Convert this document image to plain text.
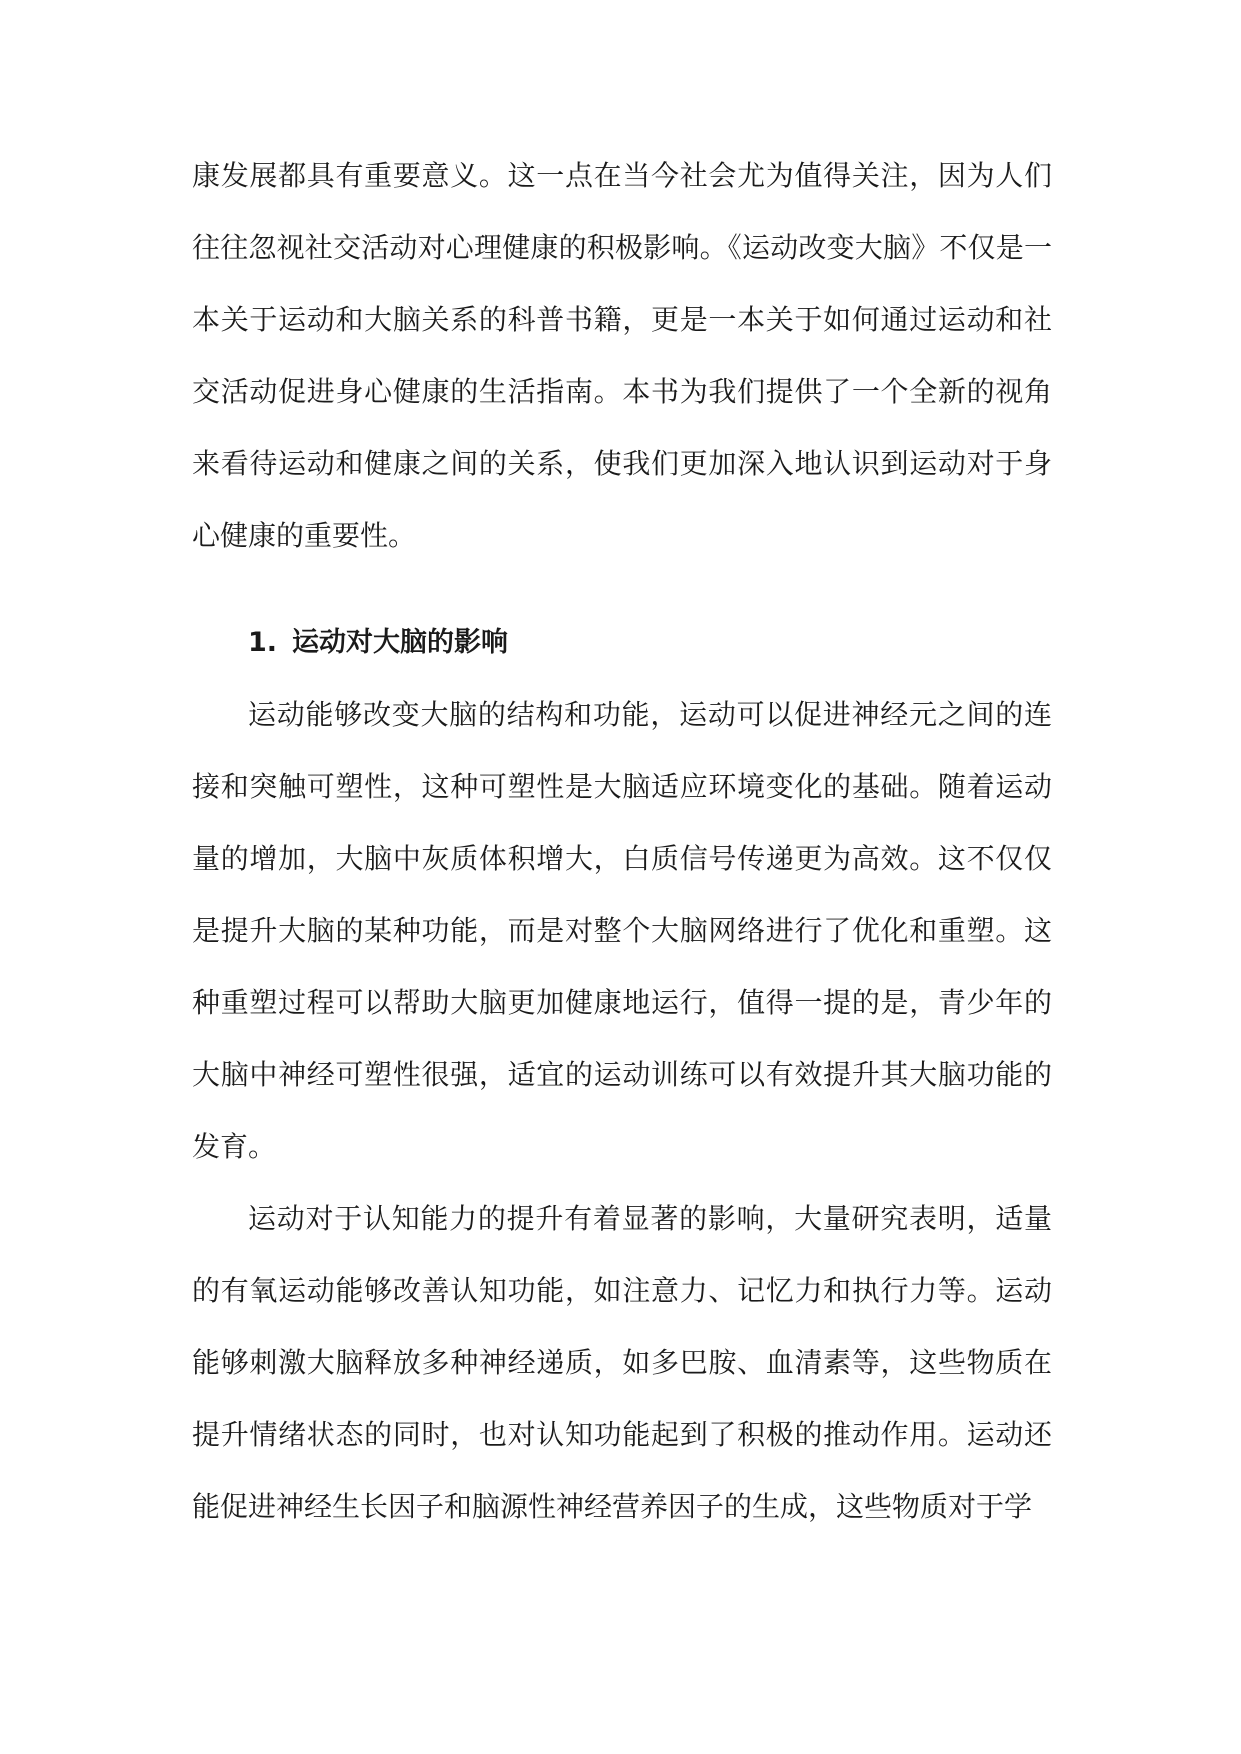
康发展都具有重要意义。这一点在当今社会尤为值得关注，因为人们往往忽视社交活动对心理健康的积极影响。《运动改变大脑》不仅是一本关于运动和大脑关系的科普书籍，更是一本关于如何通过运动和社交活动促进身心健康的生活指南。本书为我们提供了一个全新的视角来看待运动和健康之间的关系，使我们更加深入地认识到运动对于身心健康的重要性。

1. 运动对大脑的影响

运动能够改变大脑的结构和功能，运动可以促进神经元之间的连接和突触可塑性，这种可塑性是大脑适应环境变化的基础。随着运动量的增加，大脑中灰质体积增大，白质信号传递更为高效。这不仅仅是提升大脑的某种功能，而是对整个大脑网络进行了优化和重塑。这种重塑过程可以帮助大脑更加健康地运行，值得一提的是，青少年的大脑中神经可塑性很强，适宜的运动训练可以有效提升其大脑功能的发育。

运动对于认知能力的提升有着显著的影响，大量研究表明，适量的有氧运动能够改善认知功能，如注意力、记忆力和执行力等。运动能够刺激大脑释放多种神经递质，如多巴胺、血清素等，这些物质在提升情绪状态的同时，也对认知功能起到了积极的推动作用。运动还能促进神经生长因子和脑源性神经营养因子的生成，这些物质对于学
